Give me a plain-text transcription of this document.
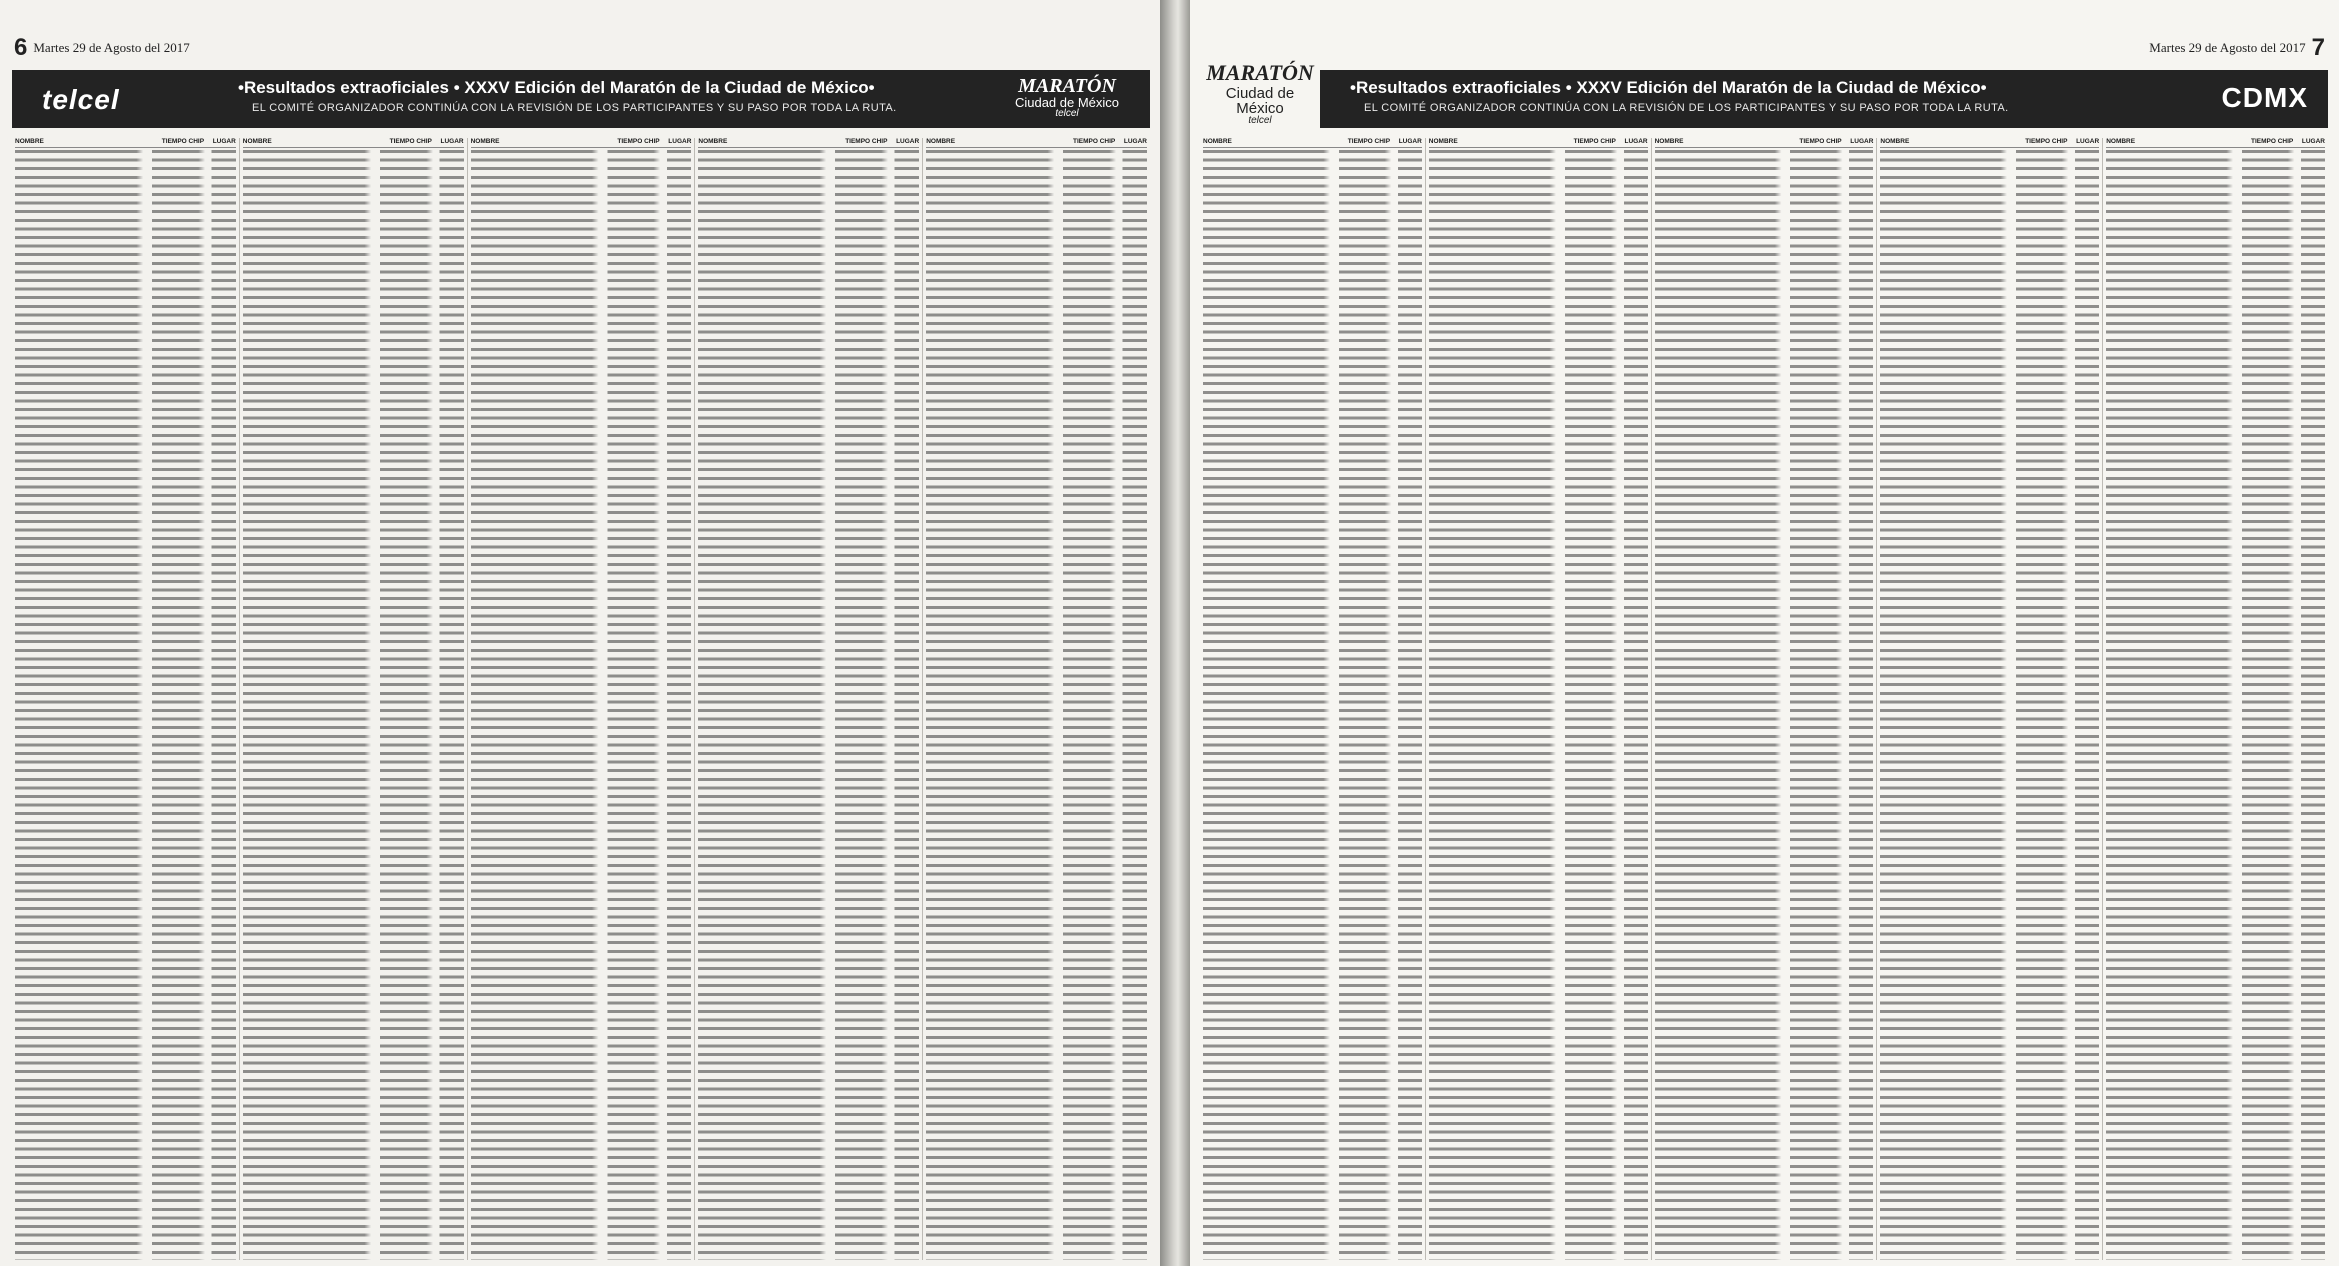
6 Martes 29 de Agosto del 2017
telcel	•Resultados extraoficiales • XXXV Edición del Maratón de la Ciudad de México•
EL COMITÉ ORGANIZADOR CONTINÚA CON LA REVISIÓN DE LOS PARTICIPANTES Y SU PASO POR TODA LA RUTA.
MARATÓN
Ciudad de México
telcel
NOMBRE	TIEMPO CHIP	LUGAR NOMBRE	TIEMPO CHIP	LUGAR NOMBRE	TIEMPO CHIP	LUGAR NOMBRE	TIEMPO CHIP	LUGAR NOMBRE	TIEMPO CHIP	LUGAR
Martes 29 de Agosto del 2017 7
•Resultados extraoficiales • XXXV Edición del Maratón de la Ciudad de México•
EL COMITÉ ORGANIZADOR CONTINÚA CON LA REVISIÓN DE LOS PARTICIPANTES Y SU PASO POR TODA LA RUTA.	CDMX
NOMBRE	TIEMPO CHIP	LUGAR NOMBRE	TIEMPO CHIP	LUGAR NOMBRE	TIEMPO CHIP	LUGAR NOMBRE	TIEMPO CHIP	LUGAR NOMBRE	TIEMPO CHIP	LUGAR
MARATÓN
Ciudad de México
telcel
